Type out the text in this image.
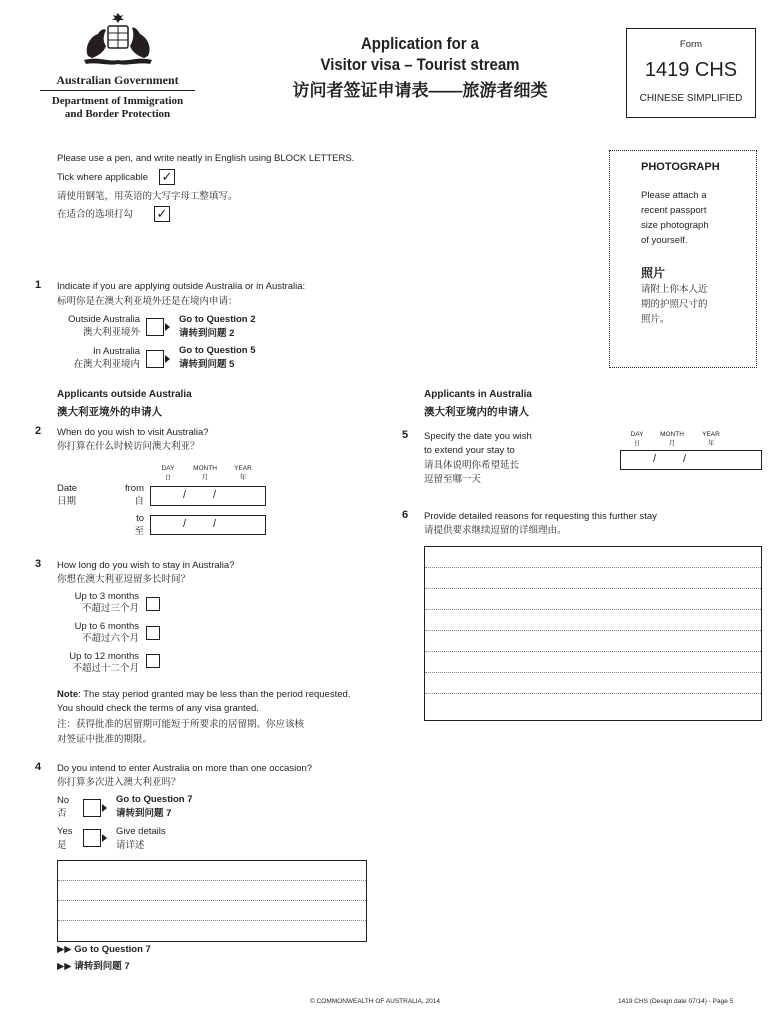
Australian Government
Department of Immigration
and Border Protection
Application for a
Visitor visa – Tourist stream
访问者签证申请表——旅游者细类
Form
1419 CHS
CHINESE SIMPLIFIED
Please use a pen, and write neatly in English using BLOCK LETTERS.
Tick where applicable ✓
请使用钢笔，用英语的大写字母工整填写。
在适合的选项打勾 ✓
PHOTOGRAPH
Please attach a
recent passport
size photograph
of yourself.
照片
请附上你本人近
期的护照尺寸的
照片。
1 Indicate if you are applying outside Australia or in Australia:
标明你是在澳大利亚境外还是在境内申请：
Outside Australia
澳大利亚境外
Go to Question 2
请转到问题 2
In Australia
在澳大利亚境内
Go to Question 5
请转到问题 5
Applicants outside Australia
澳大利亚境外的申请人
Applicants in Australia
澳大利亚境内的申请人
2 When do you wish to visit Australia?
你打算在什么时候访问澳大利亚？
DAY
日
MONTH
月
YEAR
年
Date
日期
from
自
/ /
to
至
/ /
3 How long do you wish to stay in Australia?
你想在澳大利亚逗留多长时间？
Up to 3 months
不超过三个月
Up to 6 months
不超过六个月
Up to 12 months
不超过十二个月
Note: The stay period granted may be less than the period requested.
You should check the terms of any visa granted.
注：获得批准的居留期可能短于所要求的居留期。你应该核
对签证中批准的期限。
4 Do you intend to enter Australia on more than one occasion?
你打算多次进入澳大利亚吗？
No
否
Go to Question 7
请转到问题 7
Yes
是
Give details
请详述
▶▶ Go to Question 7
▶▶ 请转到问题 7
5 Specify the date you wish
to extend your stay to
请具体说明你希望延长
逗留至哪一天
DAY
日
MONTH
月
YEAR
年
/ /
6 Provide detailed reasons for requesting this further stay
请提供要求继续逗留的详细理由。
© COMMONWEALTH OF AUSTRALIA, 2014	1419 CHS (Design date 07/14) - Page 5
